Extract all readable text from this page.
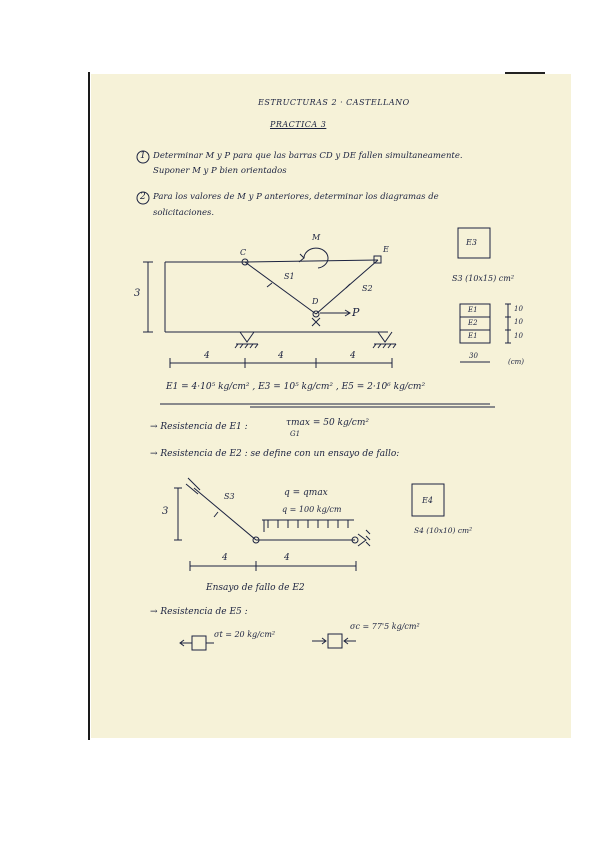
ESTRUCTURAS 2 · CASTELLANO
PRACTICA 3
1 Determinar M y P para que las barras CD y DE fallen simultaneamente.
Suponer M y P bien orientados
2 Para los valores de M y P anteriores, determinar los diagramas de
solicitaciones.
C
D
E
M
P
S1
S2
3
4	4	4
E3
S3 (10x15) cm²
E1
E2
E1
10
10
10
30
(cm)
E4
S4 (10x10) cm²
E1 = 4·10⁵ kg/cm² , E3 = 10⁵ kg/cm² , E5 = 2·10⁶ kg/cm²
→ Resistencia de E1 :	τmax = 50 kg/cm²
G1
→ Resistencia de E2 : se define con un ensayo de fallo:
S3	q = qmax
q = 100 kg/cm
3
4	4
Ensayo de fallo de E2
→ Resistencia de E5 :
σt = 20 kg/cm²
σc = 77'5 kg/cm²
